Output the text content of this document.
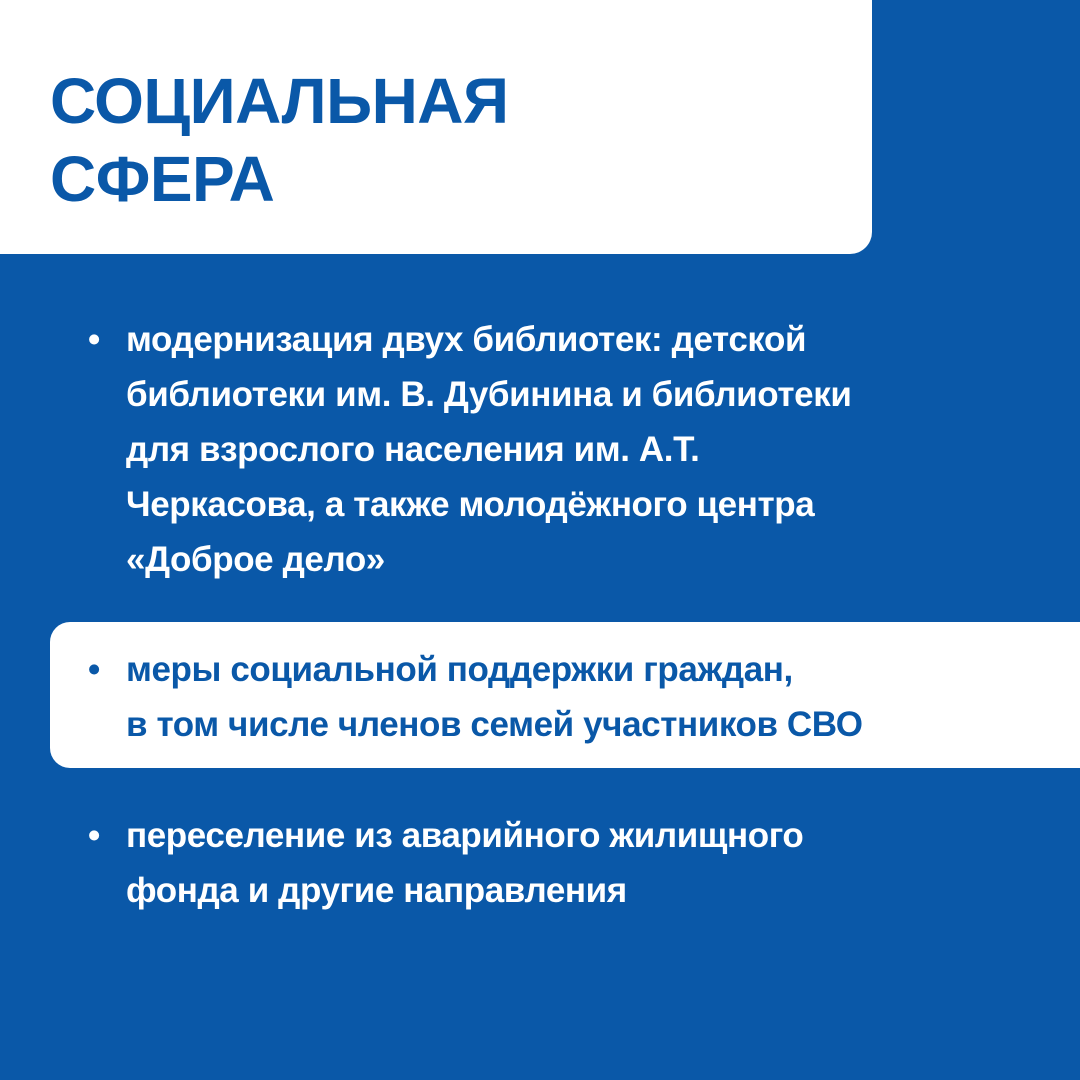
СОЦИАЛЬНАЯ
СФЕРА
• модернизация двух библиотек: детской
библиотеки им. В. Дубинина и библиотеки
для взрослого населения им. А.Т.
Черкасова, а также молодёжного центра
«Доброе дело»
• меры социальной поддержки граждан,
в том числе членов семей участников СВО
• переселение из аварийного жилищного
фонда и другие направления
